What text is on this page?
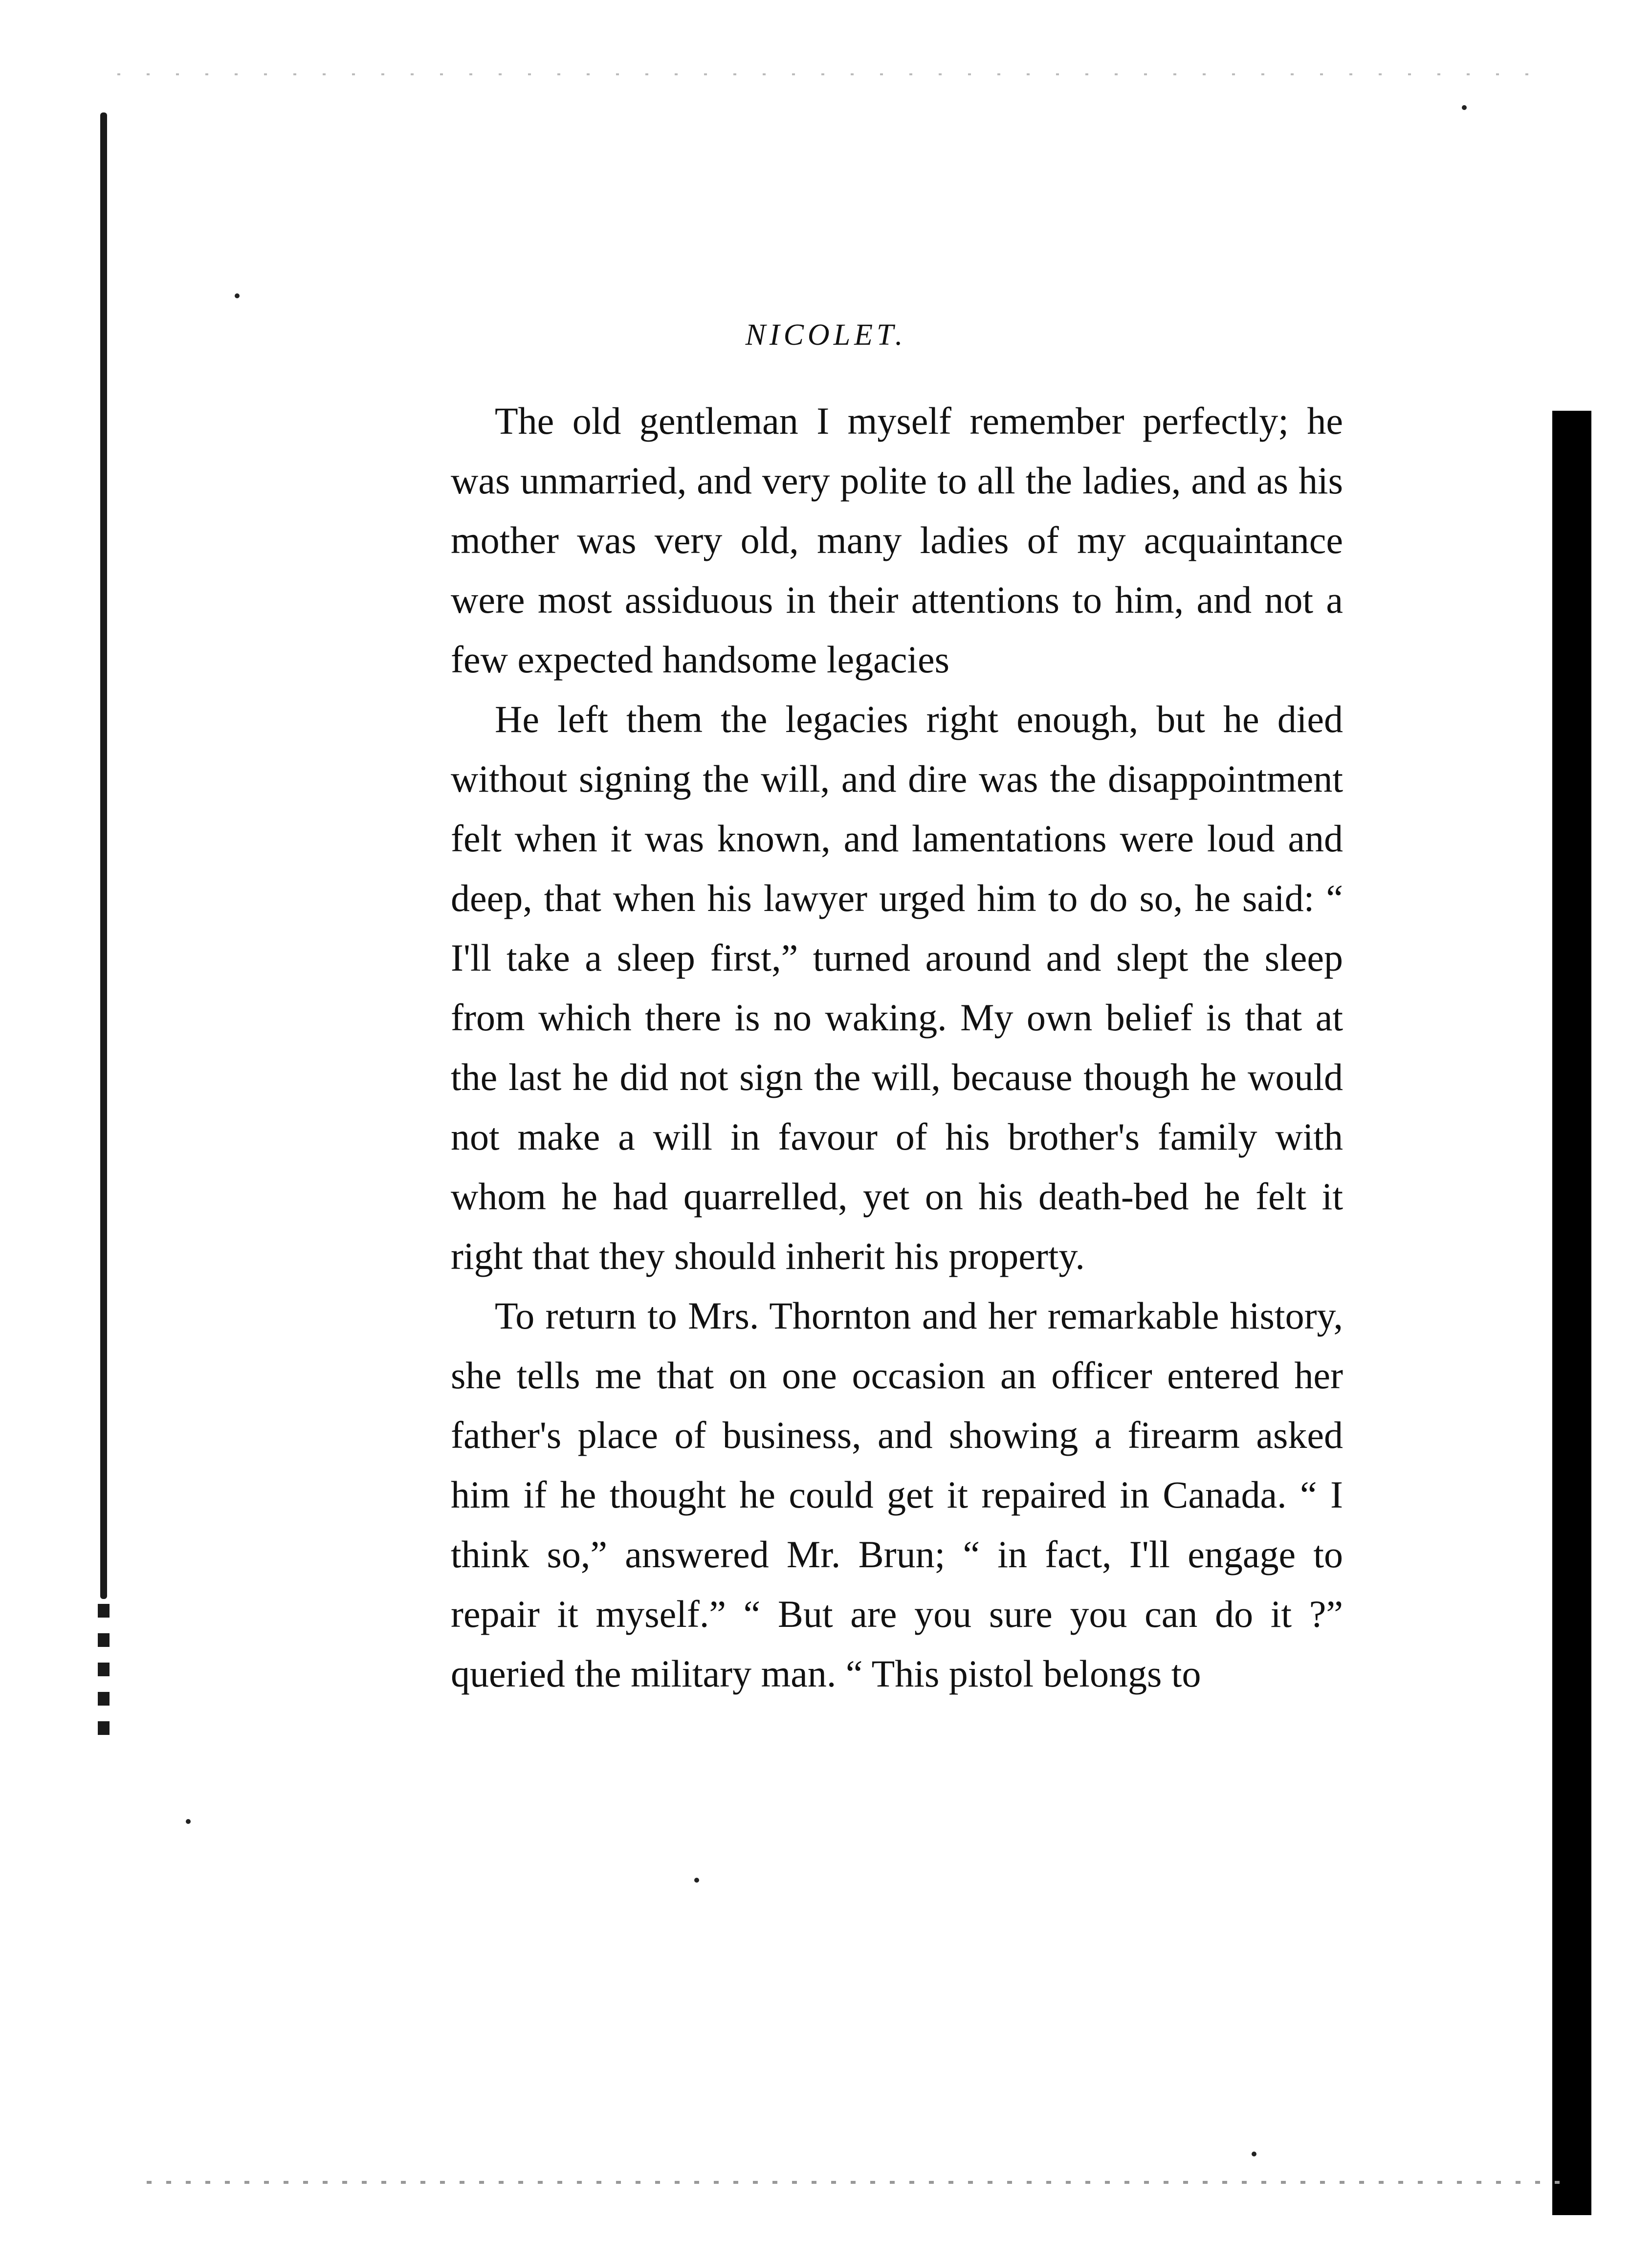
NICOLET.

The old gentleman I myself remember perfectly; he was unmarried, and very polite to all the ladies, and as his mother was very old, many ladies of my acquaintance were most assiduous in their attentions to him, and not a few expected handsome legacies

He left them the legacies right enough, but he died without signing the will, and dire was the disappointment felt when it was known, and lamentations were loud and deep, that when his lawyer urged him to do so, he said: “ I'll take a sleep first,” turned around and slept the sleep from which there is no waking. My own belief is that at the last he did not sign the will, because though he would not make a will in favour of his brother's family with whom he had quarrelled, yet on his death-bed he felt it right that they should inherit his property.

To return to Mrs. Thornton and her remarkable history, she tells me that on one occasion an officer entered her father's place of business, and showing a firearm asked him if he thought he could get it repaired in Canada. “ I think so,” answered Mr. Brun; “ in fact, I'll engage to repair it myself.” “ But are you sure you can do it ?” queried the military man. “ This pistol belongs to
